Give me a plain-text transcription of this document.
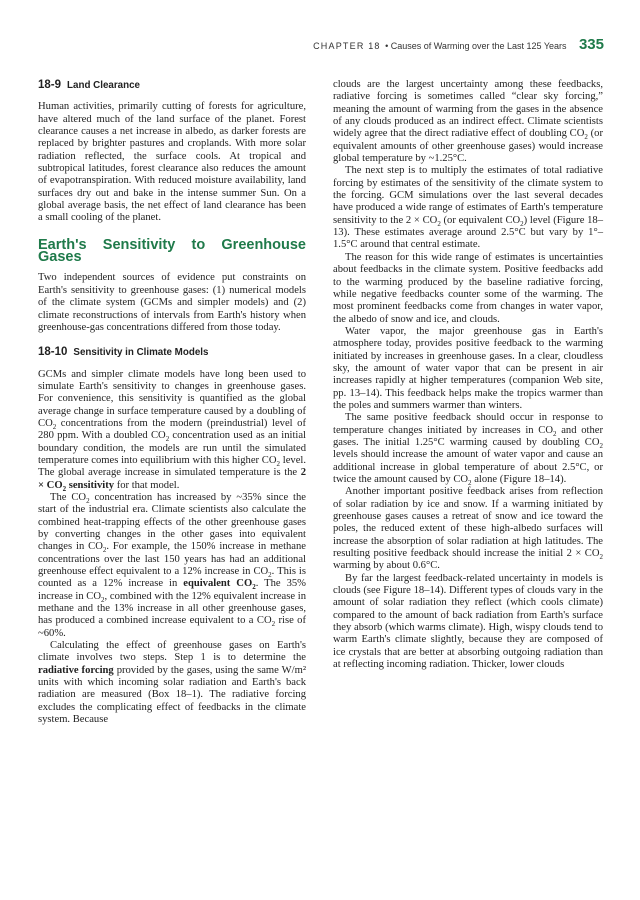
CHAPTER 18 • Causes of Warming over the Last 125 Years 335
18-9 Land Clearance

Human activities, primarily cutting of forests for agriculture, have altered much of the land surface of the planet. Forest clearance causes a net increase in albedo, as darker forests are replaced by brighter pastures and croplands. With more solar radiation reflected, the surface cools. At tropical and subtropical latitudes, forest clearance also reduces the amount of evapotranspiration. With reduced moisture availability, land surfaces dry out and bake in the intense summer Sun. On a global average basis, the net effect of land clearance has been a small cooling of the planet.

Earth's Sensitivity to Greenhouse Gases

Two independent sources of evidence put constraints on Earth's sensitivity to greenhouse gases: (1) numerical models of the climate system (GCMs and simpler models) and (2) climate reconstructions of intervals from Earth's history when greenhouse-gas concentrations differed from those today.

18-10 Sensitivity in Climate Models

GCMs and simpler climate models have long been used to simulate Earth's sensitivity to changes in greenhouse gases. For convenience, this sensitivity is quantified as the global average change in surface temperature caused by a doubling of $CO_2$ concentrations from the modern (preindustrial) level of 280 ppm. With a doubled $CO_2$ concentration used as an initial boundary condition, the models are run until the simulated temperature comes into equilibrium with this higher $CO_2$ level. The global average increase in simulated temperature is the $2 \times CO_2$ sensitivity for that model.

The $CO_2$ concentration has increased by ~35% since the start of the industrial era. Climate scientists also calculate the combined heat-trapping effects of the other greenhouse gases by converting changes in the other gases into equivalent changes in $CO_2$. For example, the 150% increase in methane concentrations over the last 150 years has had an additional greenhouse effect equivalent to a 12% increase in $CO_2$. This is counted as a 12% increase in equivalent $CO_2$. The 35% increase in $CO_2$, combined with the 12% equivalent increase in methane and the 13% increase in all other greenhouse gases, has produced a combined increase equivalent to a $CO_2$ rise of ~60%.

Calculating the effect of greenhouse gases on Earth's climate involves two steps. Step 1 is to determine the radiative forcing provided by the gases, using the same W/m² units with which incoming solar radiation and Earth's back radiation are measured (Box 18–1). The radiative forcing excludes the complicating effect of feedbacks in the climate system. Because

clouds are the largest uncertainty among these feedbacks, radiative forcing is sometimes called “clear sky forcing,” meaning the amount of warming from the gases in the absence of any clouds produced as an indirect effect. Climate scientists widely agree that the direct radiative effect of doubling $CO_2$ (or equivalent amounts of other greenhouse gases) would increase global temperature by ~1.25°C.

The next step is to multiply the estimates of total radiative forcing by estimates of the sensitivity of the climate system to the forcing. GCM simulations over the last several decades have produced a wide range of estimates of Earth's temperature sensitivity to the $2 \times CO_2$ (or equivalent $CO_2$) level (Figure 18–13). These estimates average around 2.5°C but vary by 1°–1.5°C around that central estimate.

The reason for this wide range of estimates is uncertainties about feedbacks in the climate system. Positive feedbacks add to the warming produced by the baseline radiative forcing, while negative feedbacks counter some of the warming. The most prominent feedbacks come from changes in water vapor, the albedo of snow and ice, and clouds.

Water vapor, the major greenhouse gas in Earth's atmosphere today, provides positive feedback to the warming initiated by increases in greenhouse gases. In a clear, cloudless sky, the amount of water vapor that can be present in air increases rapidly at higher temperatures (companion Web site, pp. 13–14). This feedback helps make the tropics warmer than the poles and summers warmer than winters.

The same positive feedback should occur in response to temperature changes initiated by increases in $CO_2$ and other gases. The initial 1.25°C warming caused by doubling $CO_2$ levels should increase the amount of water vapor and cause an additional increase in global temperature of about 2.5°C, or twice the amount caused by $CO_2$ alone (Figure 18–14).

Another important positive feedback arises from reflection of solar radiation by ice and snow. If a warming initiated by greenhouse gases causes a retreat of snow and ice toward the poles, the reduced extent of these high-albedo surfaces will increase the absorption of solar radiation at high latitudes. The resulting positive feedback should increase the initial $2 \times CO_2$ warming by about 0.6°C.

By far the largest feedback-related uncertainty in models is clouds (see Figure 18–14). Different types of clouds vary in the amount of solar radiation they reflect (which cools climate) compared to the amount of back radiation from Earth's surface they absorb (which warms climate). High, wispy clouds tend to warm Earth's climate slightly, because they are composed of ice crystals that are better at absorbing outgoing radiation than at reflecting incoming radiation. Thicker, lower clouds
